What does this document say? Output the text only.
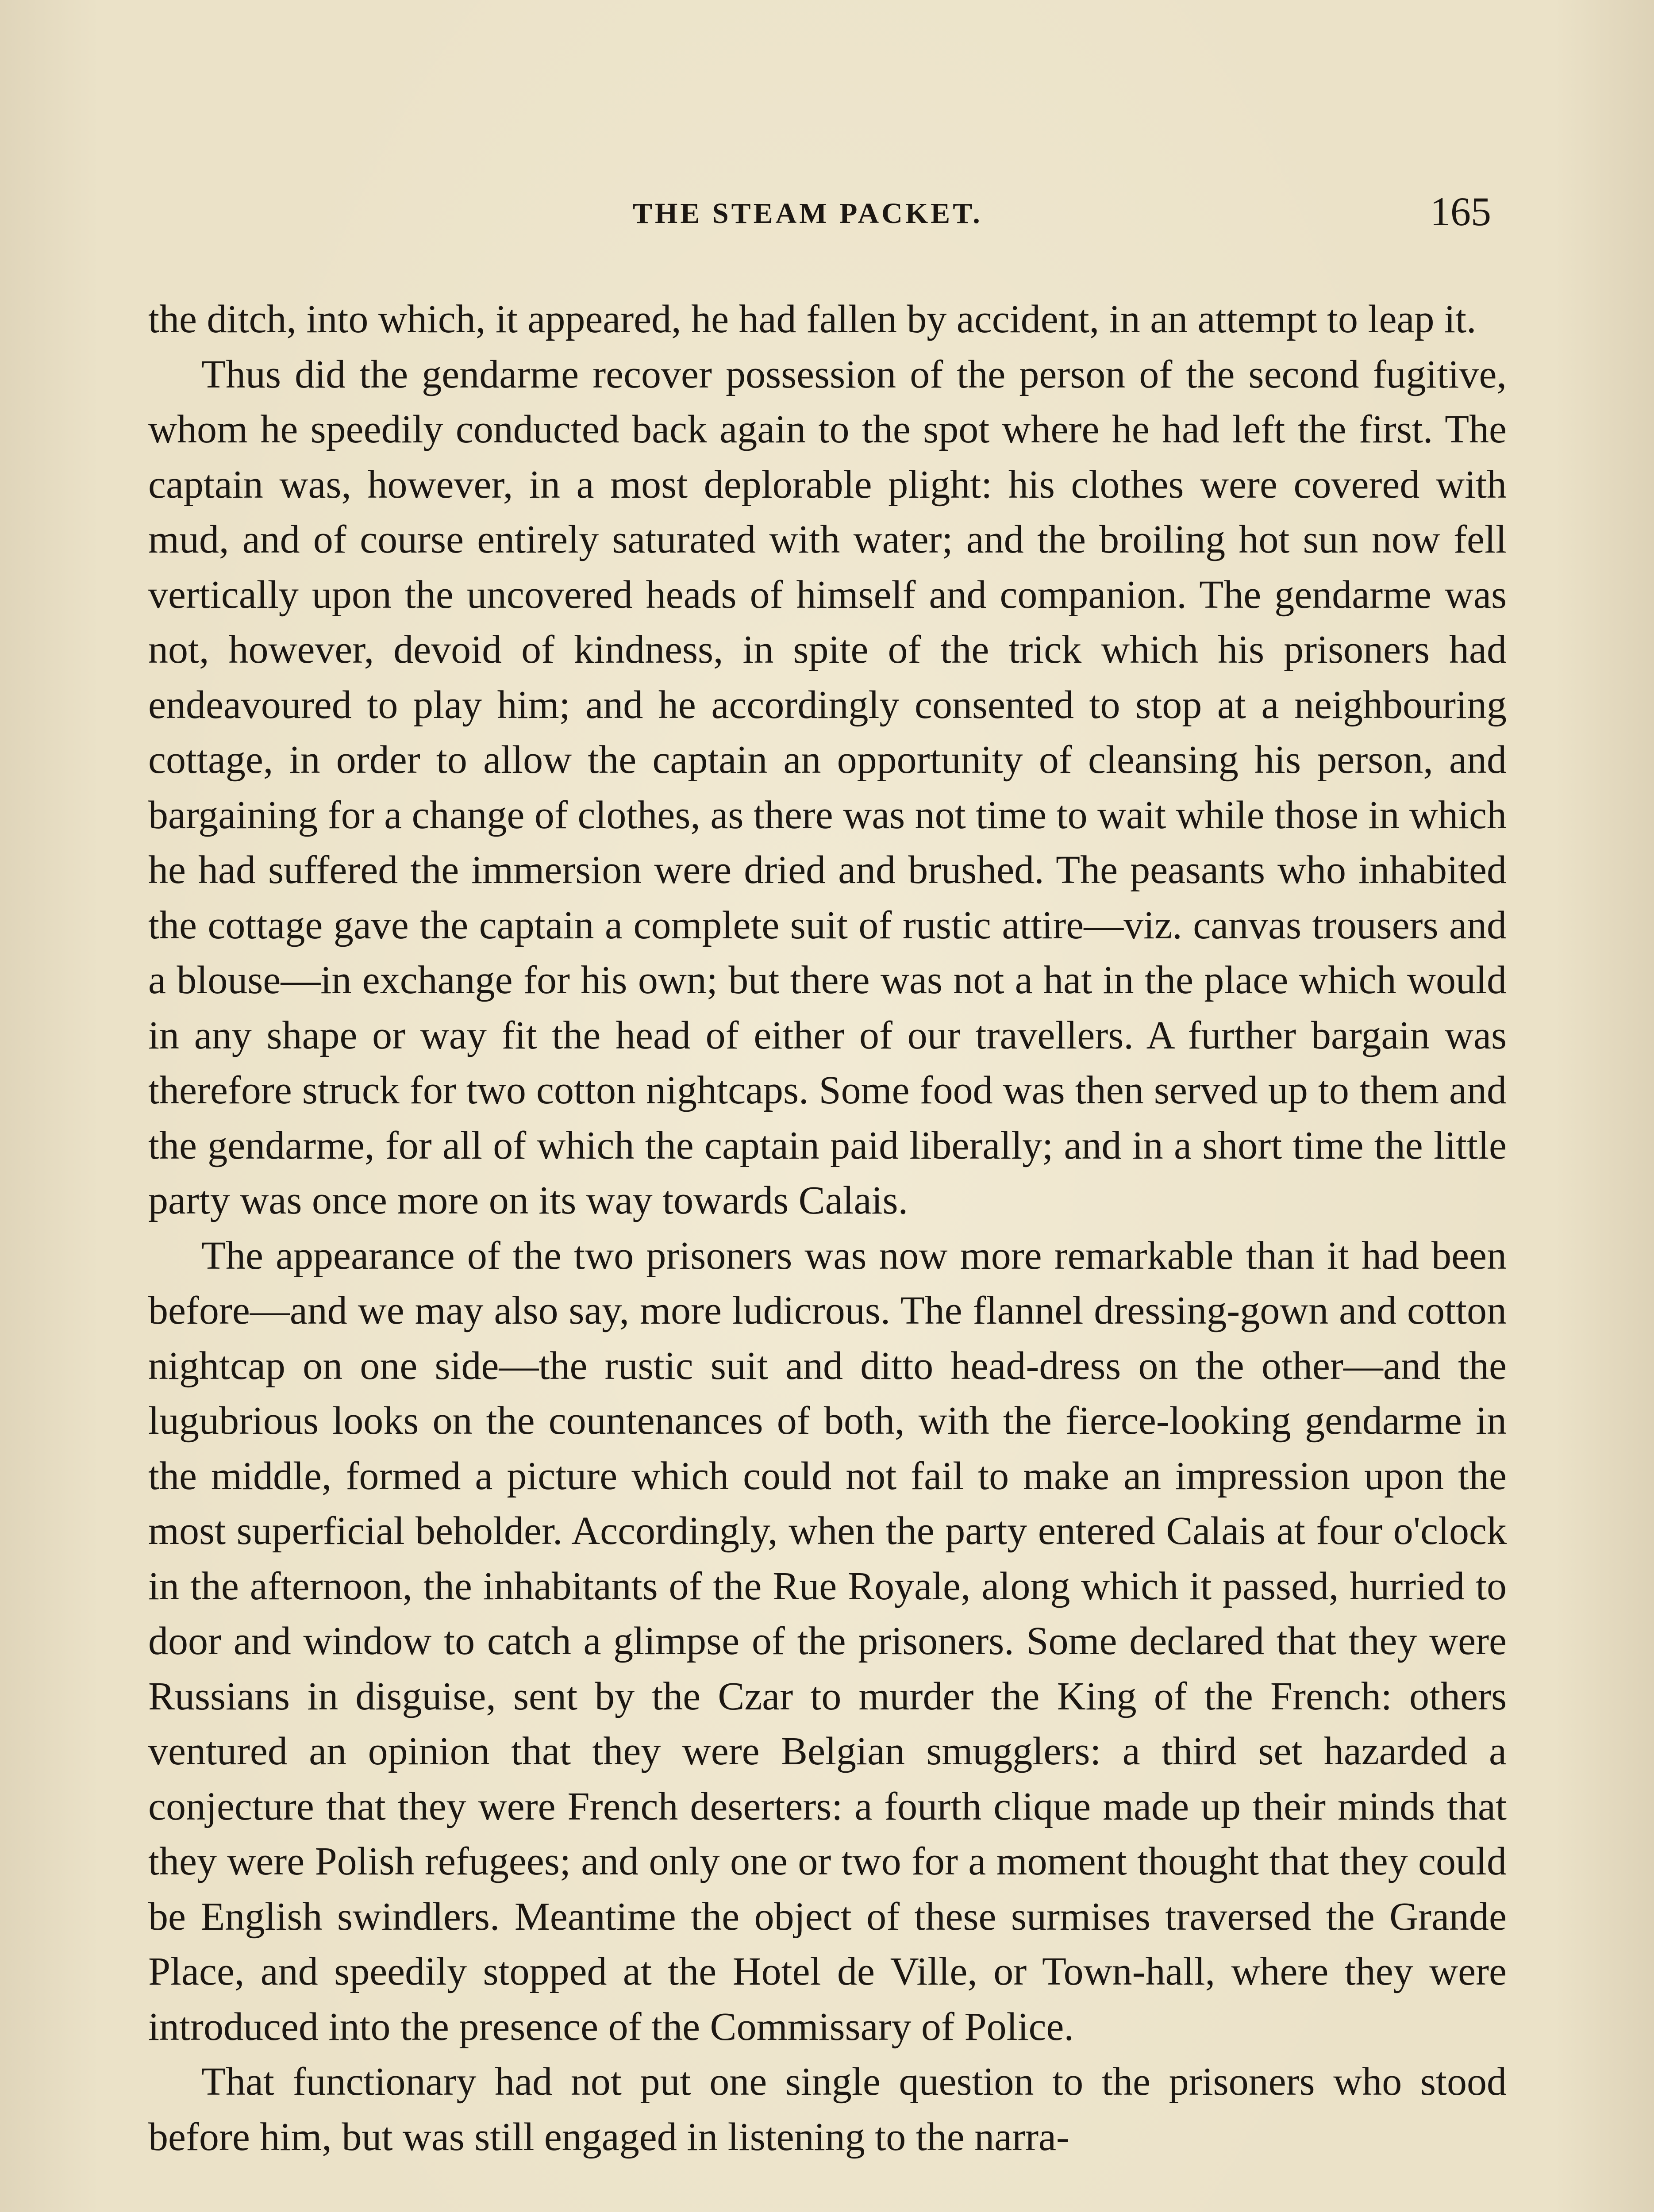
THE STEAM PACKET.	165

the ditch, into which, it appeared, he had fallen by accident, in an attempt to leap it.

Thus did the gendarme recover possession of the person of the second fugitive, whom he speedily conducted back again to the spot where he had left the first. The captain was, however, in a most deplorable plight: his clothes were covered with mud, and of course entirely saturated with water; and the broiling hot sun now fell vertically upon the uncovered heads of himself and companion. The gendarme was not, however, devoid of kindness, in spite of the trick which his prisoners had endeavoured to play him; and he accordingly consented to stop at a neighbouring cottage, in order to allow the captain an opportunity of cleansing his person, and bargaining for a change of clothes, as there was not time to wait while those in which he had suffered the immersion were dried and brushed. The peasants who inhabited the cottage gave the captain a complete suit of rustic attire—viz. canvas trousers and a blouse—in exchange for his own; but there was not a hat in the place which would in any shape or way fit the head of either of our travellers. A further bargain was therefore struck for two cotton nightcaps. Some food was then served up to them and the gendarme, for all of which the captain paid liberally; and in a short time the little party was once more on its way towards Calais.

The appearance of the two prisoners was now more remarkable than it had been before—and we may also say, more ludicrous. The flannel dressing-gown and cotton nightcap on one side—the rustic suit and ditto head-dress on the other—and the lugubrious looks on the countenances of both, with the fierce-looking gendarme in the middle, formed a picture which could not fail to make an impression upon the most superficial beholder. Accordingly, when the party entered Calais at four o'clock in the afternoon, the inhabitants of the Rue Royale, along which it passed, hurried to door and window to catch a glimpse of the prisoners. Some declared that they were Russians in disguise, sent by the Czar to murder the King of the French: others ventured an opinion that they were Belgian smugglers: a third set hazarded a conjecture that they were French deserters: a fourth clique made up their minds that they were Polish refugees; and only one or two for a moment thought that they could be English swindlers. Meantime the object of these surmises traversed the Grande Place, and speedily stopped at the Hotel de Ville, or Town-hall, where they were introduced into the presence of the Commissary of Police.

That functionary had not put one single question to the prisoners who stood before him, but was still engaged in listening to the narra-
